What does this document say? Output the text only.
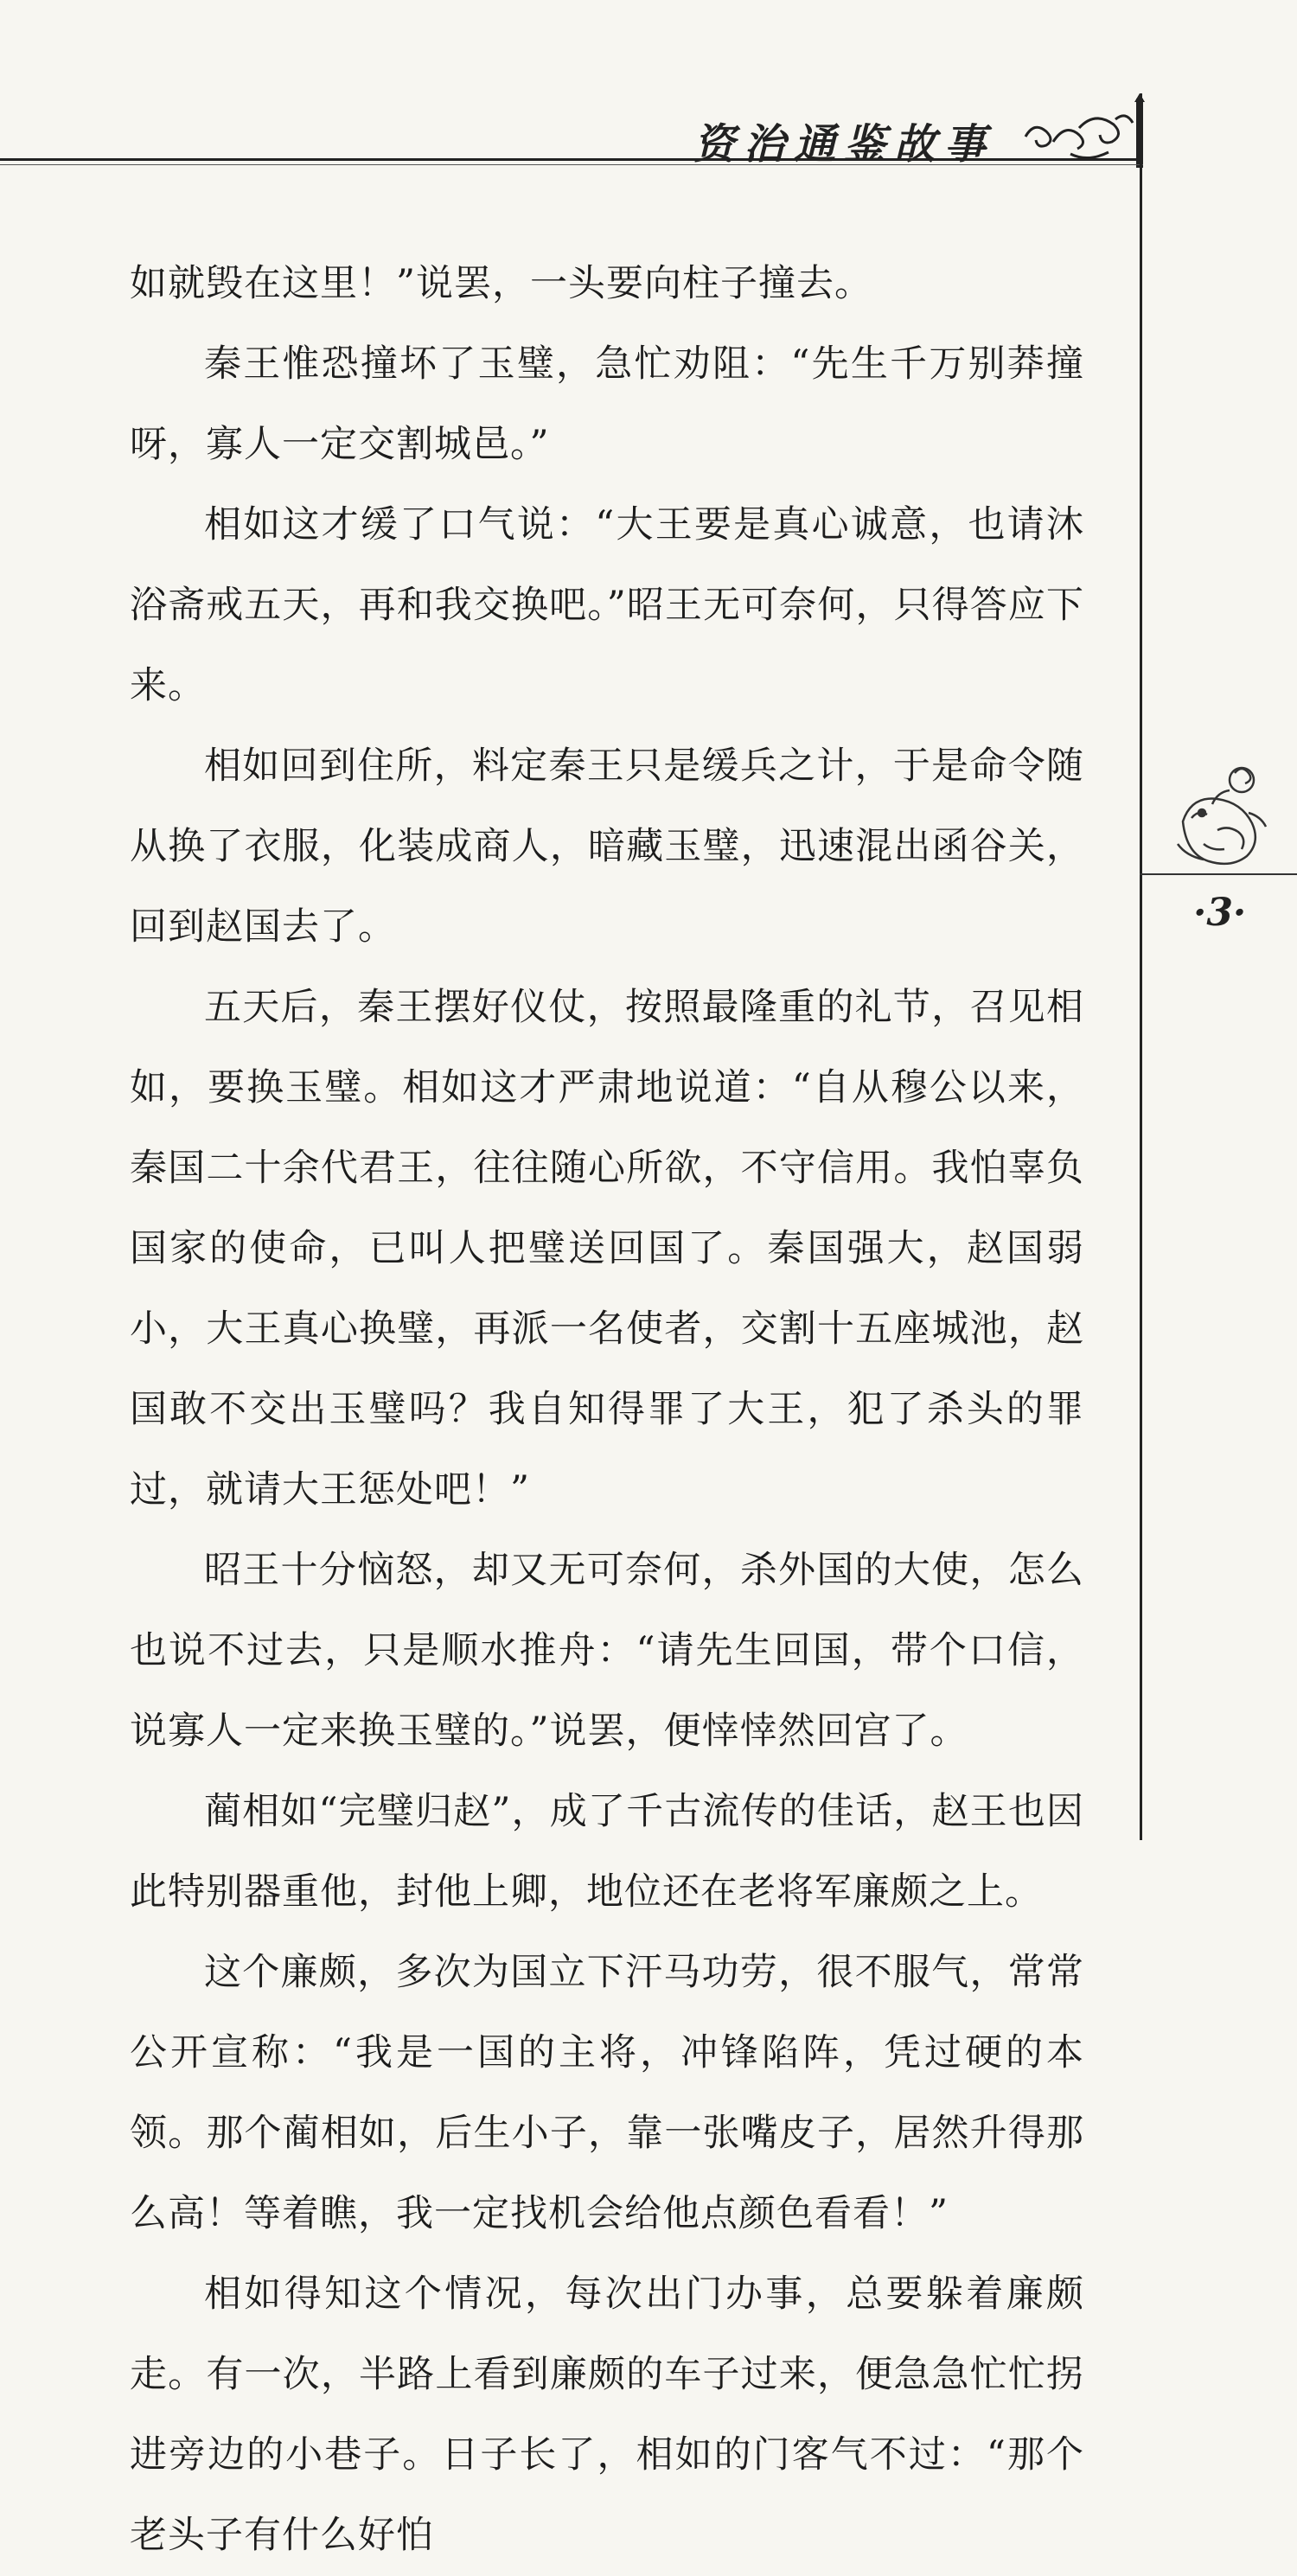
资治通鉴故事
·3·

如就毁在这里！”说罢，一头要向柱子撞去。

秦王惟恐撞坏了玉璧，急忙劝阻：“先生千万别莽撞呀，寡人一定交割城邑。”

相如这才缓了口气说：“大王要是真心诚意，也请沐浴斋戒五天，再和我交换吧。”昭王无可奈何，只得答应下来。

相如回到住所，料定秦王只是缓兵之计，于是命令随从换了衣服，化装成商人，暗藏玉璧，迅速混出函谷关，回到赵国去了。

五天后，秦王摆好仪仗，按照最隆重的礼节，召见相如，要换玉璧。相如这才严肃地说道：“自从穆公以来，秦国二十余代君王，往往随心所欲，不守信用。我怕辜负国家的使命，已叫人把璧送回国了。秦国强大，赵国弱小，大王真心换璧，再派一名使者，交割十五座城池，赵国敢不交出玉璧吗？我自知得罪了大王，犯了杀头的罪过，就请大王惩处吧！”

昭王十分恼怒，却又无可奈何，杀外国的大使，怎么也说不过去，只是顺水推舟：“请先生回国，带个口信，说寡人一定来换玉璧的。”说罢，便悻悻然回宫了。

蔺相如“完璧归赵”，成了千古流传的佳话，赵王也因此特别器重他，封他上卿，地位还在老将军廉颇之上。

这个廉颇，多次为国立下汗马功劳，很不服气，常常公开宣称：“我是一国的主将，冲锋陷阵，凭过硬的本领。那个蔺相如，后生小子，靠一张嘴皮子，居然升得那么高！等着瞧，我一定找机会给他点颜色看看！”

相如得知这个情况，每次出门办事，总要躲着廉颇走。有一次，半路上看到廉颇的车子过来，便急急忙忙拐进旁边的小巷子。日子长了，相如的门客气不过：“那个老头子有什么好怕
